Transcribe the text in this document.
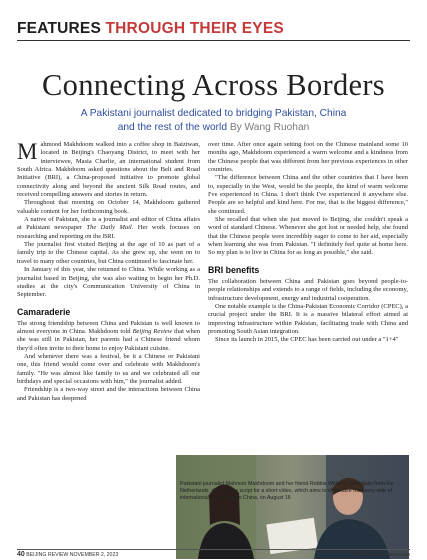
FEATURES THROUGH THEIR EYES
Connecting Across Borders
A Pakistani journalist dedicated to bridging Pakistan, China
and the rest of the world By Wang Ruohan

Mahmood Makhdoom walked into a coffee shop in Baiziwan, located in Beijing's Chaoyang District, to meet with her interviewee, Masia Charlie, an international student from South Africa. Makhdoom asked questions about the Belt and Road Initiative (BRI), a China-proposed initiative to promote global connectivity along and beyond the ancient Silk Road routes, and received compelling answers and stories in return.

Throughout that morning on October 14, Makhdoom gathered valuable content for her forthcoming book.

A native of Pakistan, she is a journalist and editor of China affairs at Pakistani newspaper The Daily Mail. Her work focuses on researching and reporting on the BRI.

The journalist first visited Beijing at the age of 10 as part of a family trip to the Chinese capital. As she grew up, she went on to travel to many other countries, but China continued to fascinate her.

In January of this year, she returned to China. While working as a journalist based in Beijing, she was also waiting to begin her Ph.D. studies at the city's Communication University of China in September.

Camaraderie

The strong friendship between China and Pakistan is well known to almost everyone in China. Makhdoom told Beijing Review that when she was still in Pakistan, her parents had a Chinese friend whom they'd often invite to their home to enjoy Pakistani cuisine.

And whenever there was a festival, be it a Chinese or Pakistani one, this friend would come over and celebrate with Makhdoom's family. "He was almost like family to us and we celebrated all our birthdays and special occasions with him," the journalist added.

Friendship is a two-way street and the interactions between China and Pakistan has deepened

over time. After once again setting foot on the Chinese mainland some 10 months ago, Makhdoom experienced a warm welcome and a kindness from the Chinese people that was different from her previous experiences in other countries.

"The difference between China and the other countries that I have been to, especially in the West, would be the people, the kind of warm welcome I've experienced in China. I don't think I've experienced it anywhere else. People are so helpful and kind here. For me, that is the biggest difference," she continued.

She recalled that when she just moved to Beijing, she couldn't speak a word of standard Chinese. Whenever she got lost or needed help, she found that the Chinese people were incredibly eager to come to her aid, especially when learning she was from Pakistan. "I definitely feel quite at home here. So my plan is to live in China for as long as possible," she said.

BRI benefits

The collaboration between China and Pakistan goes beyond people-to-people relationships and extends to a range of fields, including the economy, infrastructure development, energy and industrial cooperation.

One notable example is the China-Pakistan Economic Corridor (CPEC), a crucial project under the BRI. It is a massive bilateral effort aimed at improving infrastructure within Pakistan, facilitating trade with China and promoting South Asian integration.

Since its launch in 2015, the CPEC has been carried out under a "1+4"

Pakistani journalist Mahnoor Makhdoom and her friend Robbie Williams, who hails from the Netherlands, discuss the script for a short video, which aims to showcase the funny side of international student life in China, on August 16
40 BEIJING REVIEW NOVEMBER 2, 2023	http://www.bjreview.com
